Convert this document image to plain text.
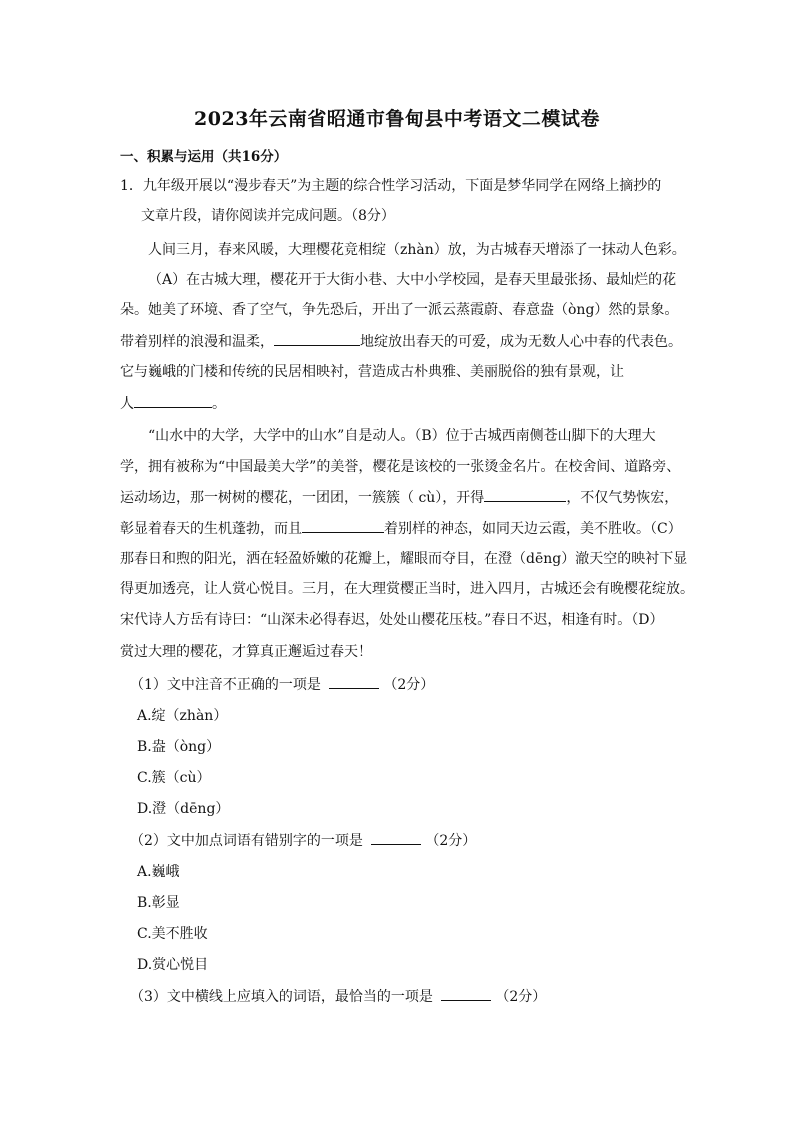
2023年云南省昭通市鲁甸县中考语文二模试卷
一、积累与运用（共16分）
1．九年级开展以“漫步春天”为主题的综合性学习活动，下面是梦华同学在网络上摘抄的
文章片段，请你阅读并完成问题。（8分）
人间三月，春来风暖，大理樱花竞相绽（zhàn）放，为古城春天增添了一抹动人色彩。
（A）在古城大理，樱花开于大街小巷、大中小学校园，是春天里最张扬、最灿烂的花
朵。她美了环境、香了空气，争先恐后，开出了一派云蒸霞蔚、春意盎（òng）然的景象。
带着别样的浪漫和温柔，	地绽放出春天的可爱，成为无数人心中春的代表色。
它与巍峨的门楼和传统的民居相映衬，营造成古朴典雅、美丽脱俗的独有景观，让
人	。
“山水中的大学，大学中的山水”自是动人。（B）位于古城西南侧苍山脚下的大理大
学，拥有被称为“中国最美大学”的美誉，樱花是该校的一张烫金名片。在校舍间、道路旁、
运动场边，那一树树的樱花，一团团，一簇簇（ cù），开得	，不仅气势恢宏，
彰显着春天的生机蓬勃，而且	着别样的神态，如同天边云霞，美不胜收。（C）
那春日和煦的阳光，洒在轻盈娇嫩的花瓣上，耀眼而夺目，在澄（dēng）澈天空的映衬下显
得更加透亮，让人赏心悦目。三月，在大理赏樱正当时，进入四月，古城还会有晚樱花绽放。
宋代诗人方岳有诗曰：“山深未必得春迟，处处山樱花压枝。”春日不迟，相逢有时。（D）
赏过大理的樱花，才算真正邂逅过春天！
（1）文中注音不正确的一项是	（2分）
A.绽（zhàn）
B.盎（òng）
C.簇（cù）
D.澄（dēng）
（2）文中加点词语有错别字的一项是	（2分）
A.巍峨
B.彰显
C.美不胜收
D.赏心悦目
（3）文中横线上应填入的词语，最恰当的一项是	（2分）
